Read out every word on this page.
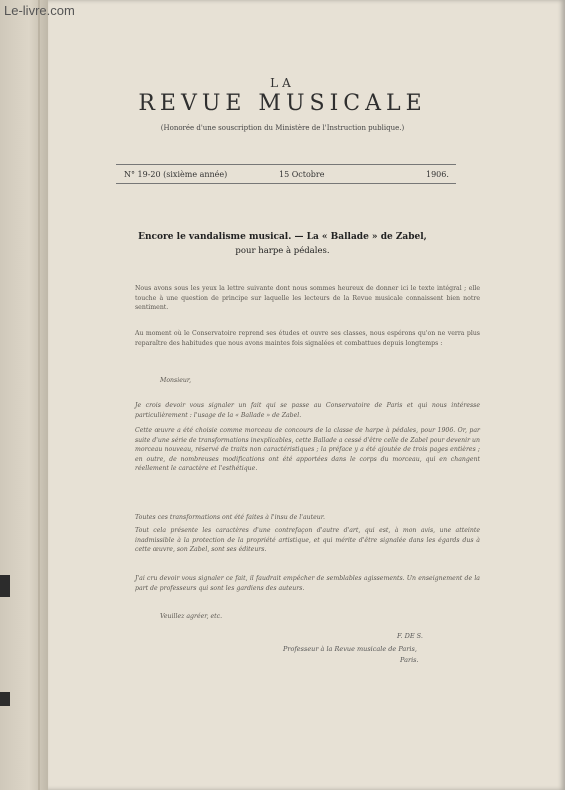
Le-livre.com
LA
REVUE MUSICALE
(Honorée d'une souscription du Ministère de l'Instruction publique.)
N° 19-20 (sixième année)	15 Octobre	1906.
Encore le vandalisme musical. — La « Ballade » de Zabel,
pour harpe à pédales.
Nous avons sous les yeux la lettre suivante dont nous sommes heureux de donner ici le texte intégral ; elle touche à une question de principe sur laquelle les lecteurs de la Revue musicale connaissent bien notre sentiment.
Au moment où le Conservatoire reprend ses études et ouvre ses classes, nous espérons qu'on ne verra plus reparaître des habitudes que nous avons maintes fois signalées et combattues depuis longtemps :
Monsieur,
Je crois devoir vous signaler un fait qui se passe au Conservatoire de Paris et qui nous intéresse particulièrement : l'usage de la « Ballade » de Zabel.
Cette œuvre a été choisie comme morceau de concours de la classe de harpe à pédales, pour 1906. Or, par suite d'une série de transformations inexplicables, cette Ballade a cessé d'être celle de Zabel pour devenir un morceau nouveau, réservé de traits non caractéristiques ; la préface y a été ajoutée de trois pages entières ; en outre, de nombreuses modifications ont été apportées dans le corps du morceau, qui en changent réellement le caractère et l'esthétique.
Toutes ces transformations ont été faites à l'insu de l'auteur.
Tout cela présente les caractères d'une contrefaçon d'autre d'art, qui est, à mon avis, une atteinte inadmissible à la protection de la propriété artistique, et qui mérite d'être signalée dans les égards dus à cette œuvre, son Zabel, sont ses éditeurs.
J'ai cru devoir vous signaler ce fait, il faudrait empêcher de semblables agissements. Un enseignement de la part de professeurs qui sont les gardiens des auteurs.
Veuillez agréer, etc.
F. DE S.
Professeur à la Revue musicale de Paris,
Paris.
